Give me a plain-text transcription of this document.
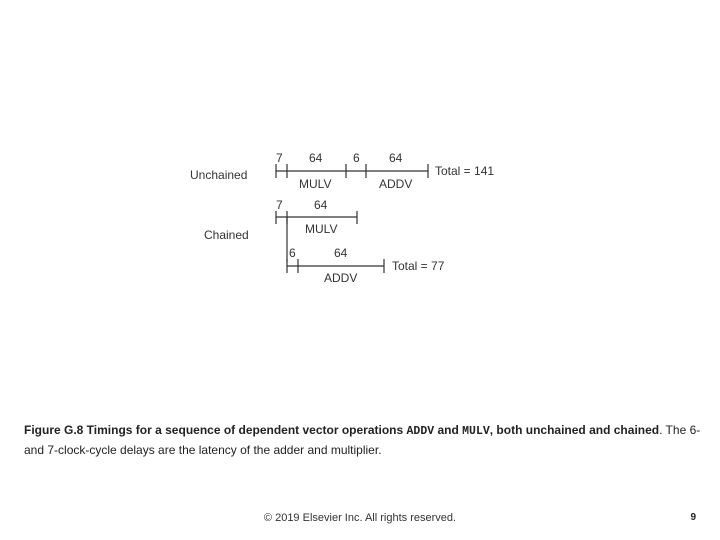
Unchained
Chained
7 64	6 64
MULV	ADDV
Total = 141
7	64
MULV
6	64
ADDV
Total = 77
Figure G.8 Timings for a sequence of dependent vector operations ADDV and MULV, both unchained and chained. The 6- and 7-clock-cycle delays are the latency of the adder and multiplier.
© 2019 Elsevier Inc. All rights reserved.	9
